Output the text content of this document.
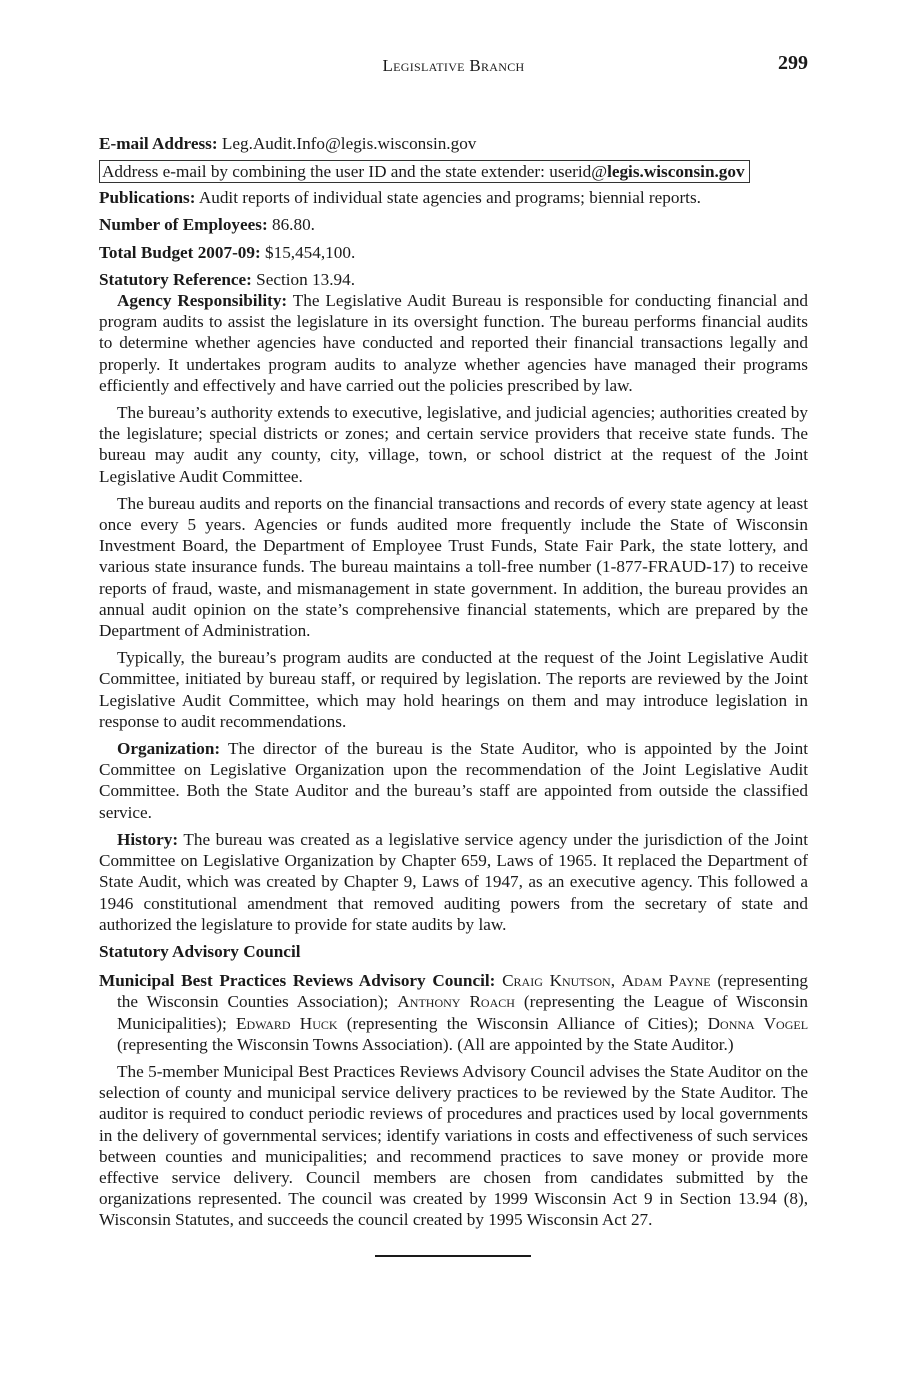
Legislative Branch	299
E-mail Address: Leg.Audit.Info@legis.wisconsin.gov
Address e-mail by combining the user ID and the state extender: userid@legis.wisconsin.gov
Publications: Audit reports of individual state agencies and programs; biennial reports.
Number of Employees: 86.80.
Total Budget 2007-09: $15,454,100.
Statutory Reference: Section 13.94.

Agency Responsibility: The Legislative Audit Bureau is responsible for conducting financial and program audits to assist the legislature in its oversight function. The bureau performs financial audits to determine whether agencies have conducted and reported their financial transactions legally and properly. It undertakes program audits to analyze whether agencies have managed their programs efficiently and effectively and have carried out the policies prescribed by law.

The bureau’s authority extends to executive, legislative, and judicial agencies; authorities created by the legislature; special districts or zones; and certain service providers that receive state funds. The bureau may audit any county, city, village, town, or school district at the request of the Joint Legislative Audit Committee.

The bureau audits and reports on the financial transactions and records of every state agency at least once every 5 years. Agencies or funds audited more frequently include the State of Wisconsin Investment Board, the Department of Employee Trust Funds, State Fair Park, the state lottery, and various state insurance funds. The bureau maintains a toll-free number (1-877-FRAUD-17) to receive reports of fraud, waste, and mismanagement in state government. In addition, the bureau provides an annual audit opinion on the state’s comprehensive financial statements, which are prepared by the Department of Administration.

Typically, the bureau’s program audits are conducted at the request of the Joint Legislative Audit Committee, initiated by bureau staff, or required by legislation. The reports are reviewed by the Joint Legislative Audit Committee, which may hold hearings on them and may introduce legislation in response to audit recommendations.

Organization: The director of the bureau is the State Auditor, who is appointed by the Joint Committee on Legislative Organization upon the recommendation of the Joint Legislative Audit Committee. Both the State Auditor and the bureau’s staff are appointed from outside the classified service.

History: The bureau was created as a legislative service agency under the jurisdiction of the Joint Committee on Legislative Organization by Chapter 659, Laws of 1965. It replaced the Department of State Audit, which was created by Chapter 9, Laws of 1947, as an executive agency. This followed a 1946 constitutional amendment that removed auditing powers from the secretary of state and authorized the legislature to provide for state audits by law.

Statutory Advisory Council
Municipal Best Practices Reviews Advisory Council: Craig Knutson, Adam Payne (representing the Wisconsin Counties Association); Anthony Roach (representing the League of Wisconsin Municipalities); Edward Huck (representing the Wisconsin Alliance of Cities); Donna Vogel (representing the Wisconsin Towns Association). (All are appointed by the State Auditor.)

The 5-member Municipal Best Practices Reviews Advisory Council advises the State Auditor on the selection of county and municipal service delivery practices to be reviewed by the State Auditor. The auditor is required to conduct periodic reviews of procedures and practices used by local governments in the delivery of governmental services; identify variations in costs and effectiveness of such services between counties and municipalities; and recommend practices to save money or provide more effective service delivery. Council members are chosen from candidates submitted by the organizations represented. The council was created by 1999 Wisconsin Act 9 in Section 13.94 (8), Wisconsin Statutes, and succeeds the council created by 1995 Wisconsin Act 27.
